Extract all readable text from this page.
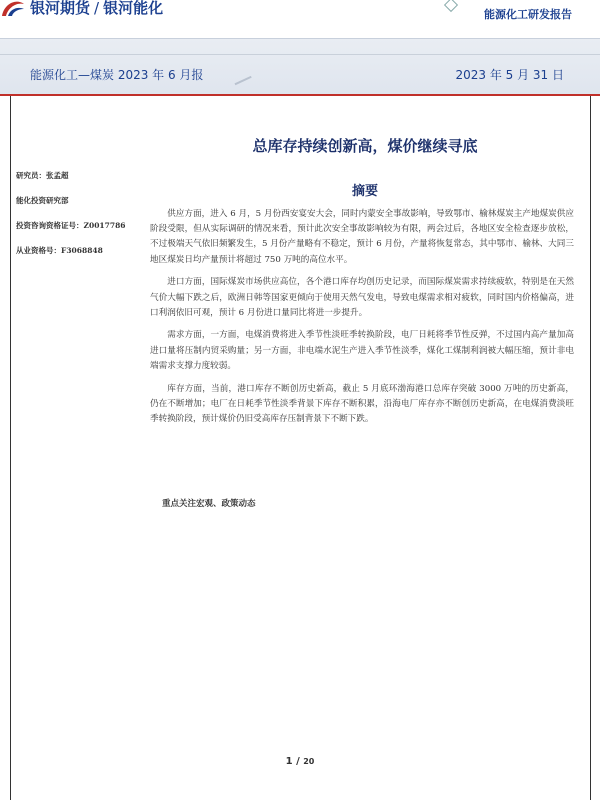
银河期货 / 银河能化	能源化工研发报告
能源化工—煤炭 2023 年 6 月报	2023 年 5 月 31 日
总库存持续创新高，煤价继续寻底
研究员：张孟超
能化投资研究部
投资咨询资格证号：Z0017786
从业资格号：F3068848
摘要

供应方面，进入 6 月，5 月份西安宴安大会，同时内蒙安全事故影响，导致鄂市、榆林煤炭主产地煤炭供应阶段受限，但从实际调研的情况来看，预计此次安全事故影响较为有限，两会过后，各地区安全检查逐步放松，不过极端天气依旧频繁发生，5 月份产量略有不稳定，预计 6 月份，产量将恢复常态，其中鄂市、榆林、大同三地区煤炭日均产量预计将超过 750 万吨的高位水平。

进口方面，国际煤炭市场供应高位，各个港口库存均创历史记录，而国际煤炭需求持续疲软，特别是在天然气价大幅下跌之后，欧洲日韩等国家更倾向于使用天然气发电，导致电煤需求相对疲软，同时国内价格偏高，进口利润依旧可观，预计 6 月份进口量同比将进一步提升。

需求方面，一方面，电煤消费将进入季节性淡旺季转换阶段，电厂日耗将季节性反弹，不过国内高产量加高进口量将压制内贸采购量；另一方面，非电端水泥生产进入季节性淡季，煤化工煤制利润被大幅压缩，预计非电端需求支撑力度较弱。

库存方面，当前，港口库存不断创历史新高，截止 5 月底环渤海港口总库存突破 3000 万吨的历史新高，仍在不断增加；电厂在日耗季节性淡季背景下库存不断积累，沿海电厂库存亦不断创历史新高，在电煤消费淡旺季转换阶段，预计煤价仍旧受高库存压制背景下不断下跌。

重点关注宏观、政策动态
1 / 20
